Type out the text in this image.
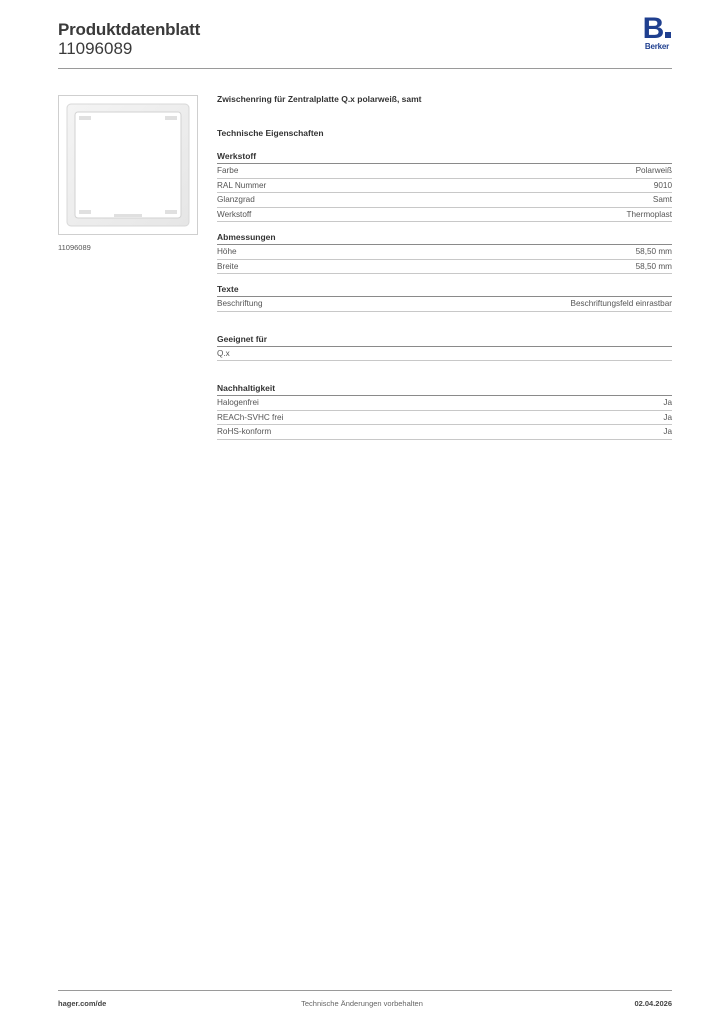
Produktdatenblatt
11096089
B
Berker
11096089
Zwischenring für Zentralplatte Q.x polarweiß, samt
Technische Eigenschaften
Werkstoff
Farbe	Polarweiß
RAL Nummer	9010
Glanzgrad	Samt
Werkstoff	Thermoplast
Abmessungen
Höhe	58,50 mm
Breite	58,50 mm
Texte
Beschriftung	Beschriftungsfeld einrastbar
Geeignet für
Q.x
Nachhaltigkeit
Halogenfrei	Ja
REACh-SVHC frei	Ja
RoHS-konform	Ja
hager.com/de	Technische Änderungen vorbehalten	02.04.2026
